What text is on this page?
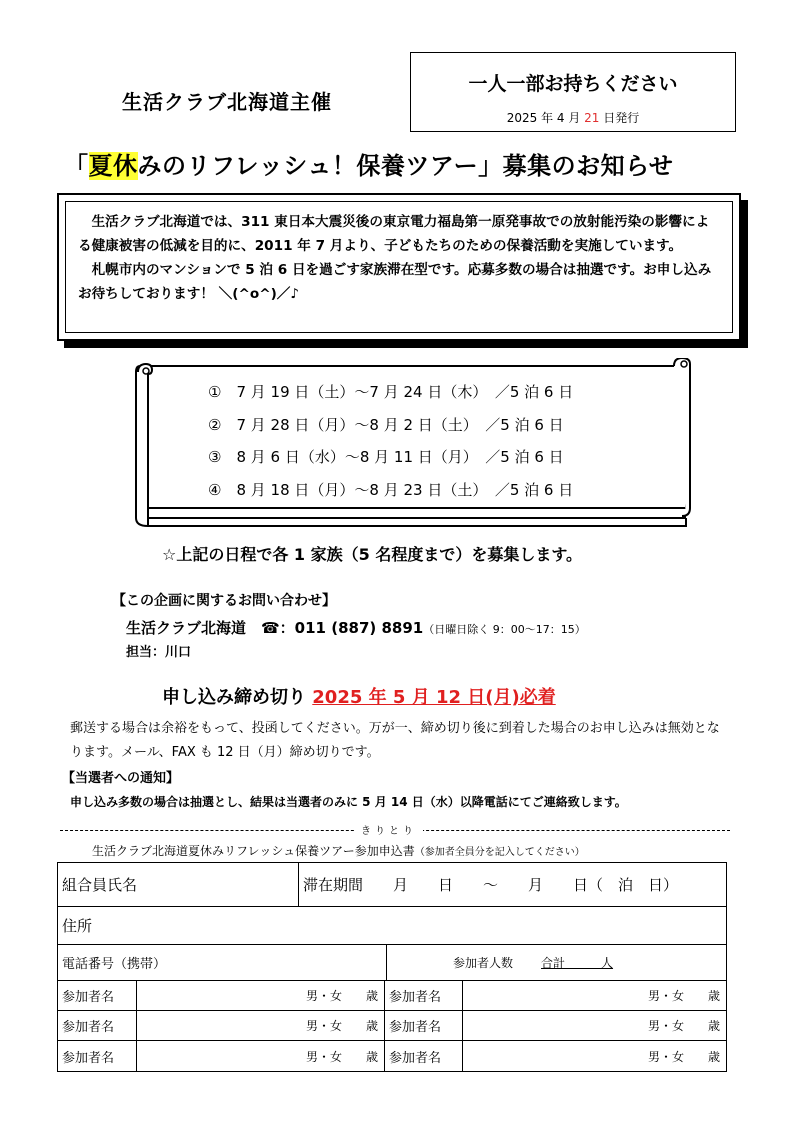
生活クラブ北海道主催
一人一部お持ちください
2025 年 4 月 21 日発行
「夏休みのリフレッシュ！保養ツアー」募集のお知らせ

生活クラブ北海道では、311 東日本大震災後の東京電力福島第一原発事故での放射能汚染の影響による健康被害の低減を目的に、2011 年 7 月より、子どもたちのための保養活動を実施しています。

札幌市内のマンションで 5 泊 6 日を過ごす家族滞在型です。応募多数の場合は抽選です。お申し込みお待ちしております！ ＼(^o^)／♪

①　7 月 19 日（土）～7 月 24 日（木）　／5 泊 6 日
②　7 月 28 日（月）～8 月 2 日（土）　／5 泊 6 日
③　8 月 6 日（水）～8 月 11 日（月）　／5 泊 6 日
④　8 月 18 日（月）～8 月 23 日（土）　／5 泊 6 日
☆上記の日程で各 1 家族（5 名程度まで）を募集します。
【この企画に関するお問い合わせ】
生活クラブ北海道　☎：011 (887) 8891（日曜日除く 9：00～17：15）
担当：川口
申し込み締め切り 2025 年 5 月 12 日(月)必着
郵送する場合は余裕をもって、投函してください。万が一、締め切り後に到着した場合のお申し込みは無効となります。メール、FAX も 12 日（月）締め切りです。
【当選者への通知】
申し込み多数の場合は抽選とし、結果は当選者のみに 5 月 14 日（水）以降電話にてご連絡致します。
きりとり
生活クラブ北海道夏休みリフレッシュ保養ツアー参加申込書（参加者全員分を記入してください）
組合員氏名	滞在期間　　月　　日　　～　　月　　日（　泊　日）
住所
電話番号（携帯）	参加者人数 合計　　　人
参加者名	男・女　　歳 参加者名	男・女　　歳
参加者名	男・女　　歳 参加者名	男・女　　歳
参加者名	男・女　　歳 参加者名	男・女　　歳
